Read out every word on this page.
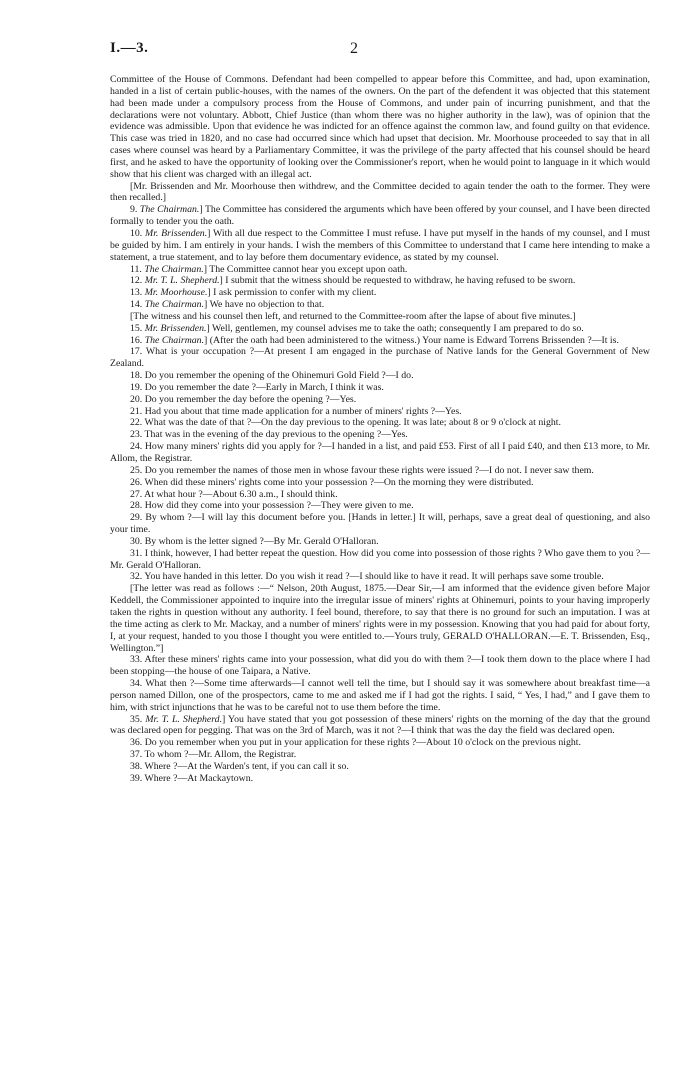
I.—3.	2

Committee of the House of Commons. Defendant had been compelled to appear before this Committee, and had, upon examination, handed in a list of certain public-houses, with the names of the owners. On the part of the defendent it was objected that this statement had been made under a compulsory process from the House of Commons, and under pain of incurring punishment, and that the declarations were not voluntary. Abbott, Chief Justice (than whom there was no higher authority in the law), was of opinion that the evidence was admissible. Upon that evidence he was indicted for an offence against the common law, and found guilty on that evidence. This case was tried in 1820, and no case had occurred since which had upset that decision. Mr. Moorhouse proceeded to say that in all cases where counsel was heard by a Parliamentary Committee, it was the privilege of the party affected that his counsel should be heard first, and he asked to have the opportunity of looking over the Commissioner's report, when he would point to language in it which would show that his client was charged with an illegal act.

[Mr. Brissenden and Mr. Moorhouse then withdrew, and the Committee decided to again tender the oath to the former. They were then recalled.]

9. The Chairman.] The Committee has considered the arguments which have been offered by your counsel, and I have been directed formally to tender you the oath.

10. Mr. Brissenden.] With all due respect to the Committee I must refuse. I have put myself in the hands of my counsel, and I must be guided by him. I am entirely in your hands. I wish the members of this Committee to understand that I came here intending to make a statement, a true statement, and to lay before them documentary evidence, as stated by my counsel.

11. The Chairman.] The Committee cannot hear you except upon oath.

12. Mr. T. L. Shepherd.] I submit that the witness should be requested to withdraw, he having refused to be sworn.

13. Mr. Moorhouse.] I ask permission to confer with my client.

14. The Chairman.] We have no objection to that.

[The witness and his counsel then left, and returned to the Committee-room after the lapse of about five minutes.]

15. Mr. Brissenden.] Well, gentlemen, my counsel advises me to take the oath; consequently I am prepared to do so.

16. The Chairman.] (After the oath had been administered to the witness.) Your name is Edward Torrens Brissenden ?—It is.

17. What is your occupation ?—At present I am engaged in the purchase of Native lands for the General Government of New Zealand.

18. Do you remember the opening of the Ohinemuri Gold Field ?—I do.

19. Do you remember the date ?—Early in March, I think it was.

20. Do you remember the day before the opening ?—Yes.

21. Had you about that time made application for a number of miners' rights ?—Yes.

22. What was the date of that ?—On the day previous to the opening. It was late; about 8 or 9 o'clock at night.

23. That was in the evening of the day previous to the opening ?—Yes.

24. How many miners' rights did you apply for ?—I handed in a list, and paid £53. First of all I paid £40, and then £13 more, to Mr. Allom, the Registrar.

25. Do you remember the names of those men in whose favour these rights were issued ?—I do not. I never saw them.

26. When did these miners' rights come into your possession ?—On the morning they were distributed.

27. At what hour ?—About 6.30 a.m., I should think.

28. How did they come into your possession ?—They were given to me.

29. By whom ?—I will lay this document before you. [Hands in letter.] It will, perhaps, save a great deal of questioning, and also your time.

30. By whom is the letter signed ?—By Mr. Gerald O'Halloran.

31. I think, however, I had better repeat the question. How did you come into possession of those rights ? Who gave them to you ?—Mr. Gerald O'Halloran.

32. You have handed in this letter. Do you wish it read ?—I should like to have it read. It will perhaps save some trouble.

[The letter was read as follows :—“ Nelson, 20th August, 1875.—Dear Sir,—I am informed that the evidence given before Major Keddell, the Commissioner appointed to inquire into the irregular issue of miners' rights at Ohinemuri, points to your having improperly taken the rights in question without any authority. I feel bound, therefore, to say that there is no ground for such an imputation. I was at the time acting as clerk to Mr. Mackay, and a number of miners' rights were in my possession. Knowing that you had paid for about forty, I, at your request, handed to you those I thought you were entitled to.—Yours truly, GERALD O'HALLORAN.—E. T. Brissenden, Esq., Wellington.”]

33. After these miners' rights came into your possession, what did you do with them ?—I took them down to the place where I had been stopping—the house of one Taipara, a Native.

34. What then ?—Some time afterwards—I cannot well tell the time, but I should say it was somewhere about breakfast time—a person named Dillon, one of the prospectors, came to me and asked me if I had got the rights. I said, “ Yes, I had,” and I gave them to him, with strict injunctions that he was to be careful not to use them before the time.

35. Mr. T. L. Shepherd.] You have stated that you got possession of these miners' rights on the morning of the day that the ground was declared open for pegging. That was on the 3rd of March, was it not ?—I think that was the day the field was declared open.

36. Do you remember when you put in your application for these rights ?—About 10 o'clock on the previous night.

37. To whom ?—Mr. Allom, the Registrar.

38. Where ?—At the Warden's tent, if you can call it so.

39. Where ?—At Mackaytown.
